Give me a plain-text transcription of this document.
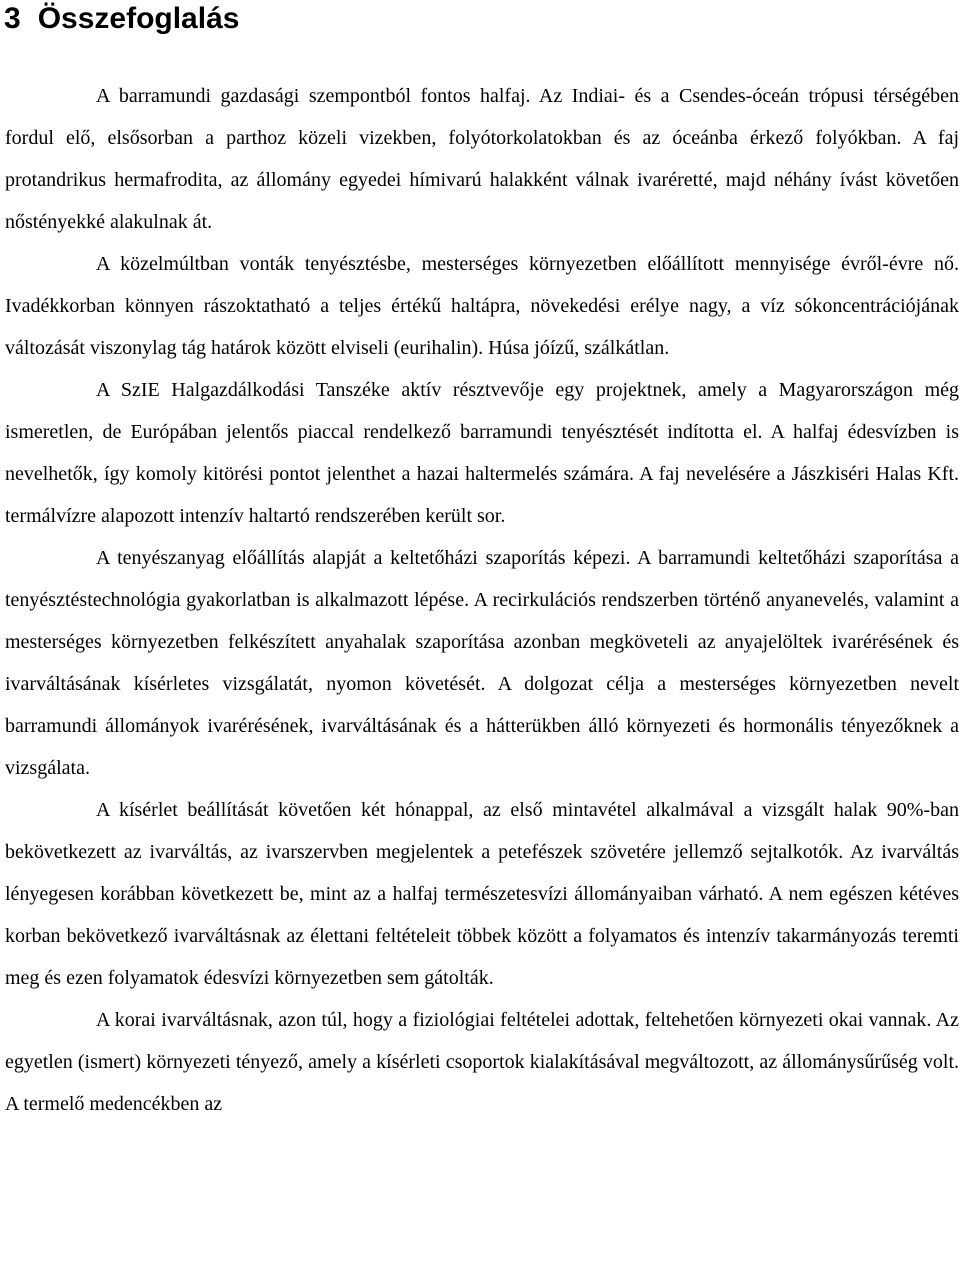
3 Összefoglalás

A barramundi gazdasági szempontból fontos halfaj. Az Indiai- és a Csendes-óceán trópusi térségében fordul elő, elsősorban a parthoz közeli vizekben, folyótorkolatokban és az óceánba érkező folyókban. A faj protandrikus hermafrodita, az állomány egyedei hímivarú halakként válnak ivaréretté, majd néhány ívást követően nőstényekké alakulnak át.

A közelmúltban vonták tenyésztésbe, mesterséges környezetben előállított mennyisége évről-évre nő. Ivadékkorban könnyen rászoktatható a teljes értékű haltápra, növekedési erélye nagy, a víz sókoncentrációjának változását viszonylag tág határok között elviseli (eurihalin). Húsa jóízű, szálkátlan.

A SzIE Halgazdálkodási Tanszéke aktív résztvevője egy projektnek, amely a Magyarországon még ismeretlen, de Európában jelentős piaccal rendelkező barramundi tenyésztését indította el. A halfaj édesvízben is nevelhetők, így komoly kitörési pontot jelenthet a hazai haltermelés számára. A faj nevelésére a Jászkiséri Halas Kft. termálvízre alapozott intenzív haltartó rendszerében került sor.

A tenyészanyag előállítás alapját a keltetőházi szaporítás képezi. A barramundi keltetőházi szaporítása a tenyésztéstechnológia gyakorlatban is alkalmazott lépése. A recirkulációs rendszerben történő anyanevelés, valamint a mesterséges környezetben felkészített anyahalak szaporítása azonban megköveteli az anyajelöltek ivarérésének és ivarváltásának kísérletes vizsgálatát, nyomon követését. A dolgozat célja a mesterséges környezetben nevelt barramundi állományok ivarérésének, ivarváltásának és a hátterükben álló környezeti és hormonális tényezőknek a vizsgálata.

A kísérlet beállítását követően két hónappal, az első mintavétel alkalmával a vizsgált halak 90%-ban bekövetkezett az ivarváltás, az ivarszervben megjelentek a petefészek szövetére jellemző sejtalkotók. Az ivarváltás lényegesen korábban következett be, mint az a halfaj természetesvízi állományaiban várható. A nem egészen kétéves korban bekövetkező ivarváltásnak az élettani feltételeit többek között a folyamatos és intenzív takarmányozás teremti meg és ezen folyamatok édesvízi környezetben sem gátolták.

A korai ivarváltásnak, azon túl, hogy a fiziológiai feltételei adottak, feltehetően környezeti okai vannak. Az egyetlen (ismert) környezeti tényező, amely a kísérleti csoportok kialakításával megváltozott, az állománysűrűség volt. A termelő medencékben az
